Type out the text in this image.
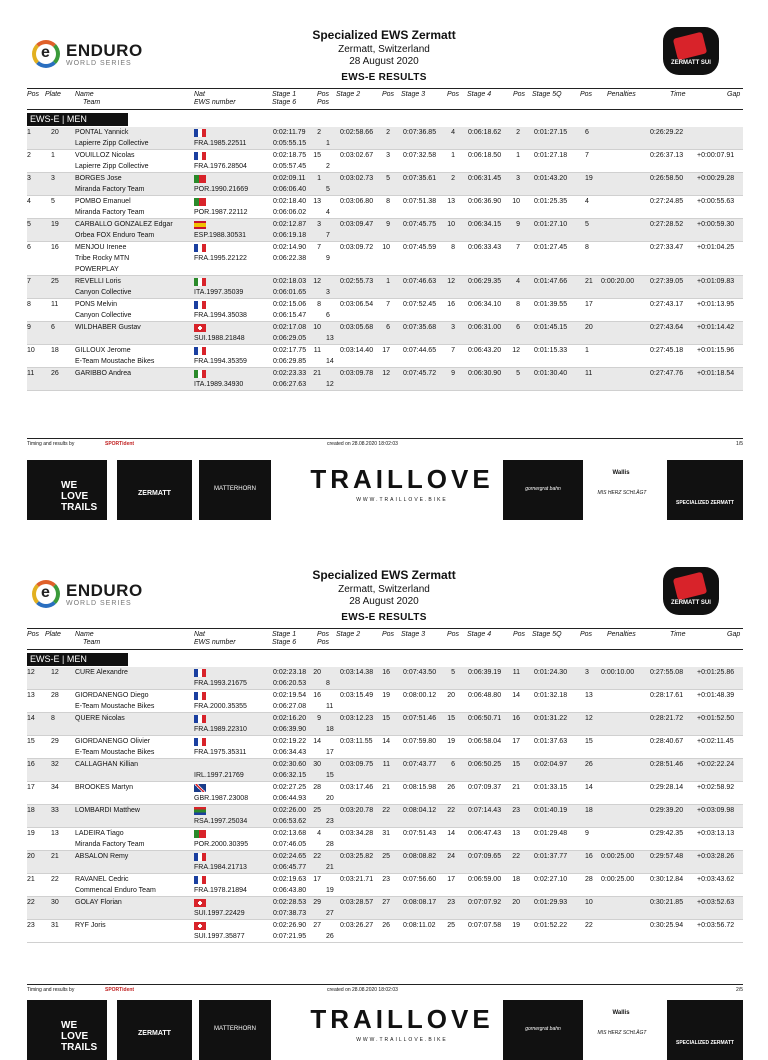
e ENDURO
WORLD SERIES
Specialized EWS Zermatt
Zermatt, Switzerland
28 August 2020
EWS-E RESULTS
ZERMATT SUI
Pos Plate Name
Team
Nat
EWS number
Stage 1
Stage 6
Pos
Pos
Stage 2	Pos Stage 3	Pos Stage 4	Pos Stage 5Q	Pos Penalties	Time	Gap
EWS-E | MEN
1	20 PONTAL Yannick
Lapierre Zipp Collective	FRA.1985.22511
0:02:11.79	2
0:05:55.15	1
0:02:58.66	2 0:07:36.85	4 0:06:18.62	2 0:01:27.15	6	0:26:29.22
2	1	VOUILLOZ Nicolas
Lapierre Zipp Collective	FRA.1976.28504
0:02:18.75	15
0:05:57.45	2
0:03:02.67	3 0:07:32.58	1 0:06:18.50	1 0:01:27.18	7	0:26:37.13 +0:00:07.91
3	3	BORGES Jose
Miranda Factory Team	POR.1990.21669
0:02:09.11	1
0:06:06.40	5
0:03:02.73	5 0:07:35.61	2 0:06:31.45	3 0:01:43.20	19	0:26:58.50 +0:00:29.28
4	5	POMBO Emanuel
Miranda Factory Team	POR.1987.22112
0:02:18.40	13
0:06:06.02	4
0:03:06.80	8 0:07:51.38	13 0:06:36.90	10 0:01:25.35	4	0:27:24.85 +0:00:55.63
5	19 CARBALLO GONZALEZ Edgar
Orbea FOX Enduro Team	ESP.1988.30531
0:02:12.87	3
0:06:19.18	7
0:03:09.47	9 0:07:45.75	10 0:06:34.15	9 0:01:27.10	5	0:27:28.52 +0:00:59.30
6	16 MENJOU Irenee
Tribe Rocky MTN POWERPLAY
FRA.1995.22122
0:02:14.90	7
0:06:22.38	9
0:03:09.72	10 0:07:45.59	8 0:06:33.43	7 0:01:27.45	8	0:27:33.47 +0:01:04.25
7	25 REVELLI Loris
Canyon Collective	ITA.1997.35039
0:02:18.03	12
0:06:01.65	3
0:02:55.73	1 0:07:46.63	12 0:06:29.35	4 0:01:47.66	21 0:00:20.00 0:27:39.05 +0:01:09.83
8	11 PONS Melvin
Canyon Collective	FRA.1994.35038
0:02:15.06	8
0:06:15.47	6
0:03:06.54	7 0:07:52.45	16 0:06:34.10	8 0:01:39.55	17	0:27:43.17 +0:01:13.95
9	6	WILDHABER Gustav
SUI.1988.21848
0:02:17.08	10
0:06:29.05	13
0:03:05.68	6 0:07:35.68	3 0:06:31.00	6 0:01:45.15	20	0:27:43.64 +0:01:14.42
10 18 GILLOUX Jerome
E-Team Moustache Bikes	FRA.1994.35359
0:02:17.75	11
0:06:29.85	14
0:03:14.40	17 0:07:44.65	7 0:06:43.20	12 0:01:15.33	1	0:27:45.18 +0:01:15.96
11 26 GARIBBO Andrea
ITA.1989.34930
0:02:23.33	21
0:06:27.63	12
0:03:09.78	12 0:07:45.72	9 0:06:30.90	5 0:01:30.40	11	0:27:47.76 +0:01:18.54
Timing and results by	SPORTident	created on 28.08.2020 18:02:03	1/5
WE LOVE TRAILS
ZERMATT
MATTERHORN	TRAILLOVE
WWW.TRAILLOVE.BIKE
gornergrat bahn
Wallis
MIS HERZ SCHLÄGT
SPECIALIZED ZERMATT
e ENDURO
WORLD SERIES
Specialized EWS Zermatt
Zermatt, Switzerland
28 August 2020
EWS-E RESULTS
ZERMATT SUI
Pos Plate Name
Team
Nat
EWS number
Stage 1
Stage 6
Pos
Pos
Stage 2	Pos Stage 3	Pos Stage 4	Pos Stage 5Q	Pos Penalties	Time	Gap
EWS-E | MEN
12 12 CURE Alexandre
FRA.1993.21675
0:02:23.18	20
0:06:20.53	8
0:03:14.38	16 0:07:43.50	5 0:06:39.19	11 0:01:24.30	3 0:00:10.00 0:27:55.08 +0:01:25.86
13 28 GIORDANENGO Diego
E-Team Moustache Bikes	FRA.2000.35355
0:02:19.54	16
0:06:27.08	11
0:03:15.49	19 0:08:00.12	20 0:06:48.80	14 0:01:32.18	13	0:28:17.61 +0:01:48.39
14 8	QUERE Nicolas
FRA.1989.22310
0:02:16.20	9
0:06:39.90	18
0:03:12.23	15 0:07:51.46	15 0:06:50.71	16 0:01:31.22	12	0:28:21.72 +0:01:52.50
15 29 GIORDANENGO Olivier
E-Team Moustache Bikes	FRA.1975.35311
0:02:19.22	14
0:06:34.43	17
0:03:11.55	14 0:07:59.80	19 0:06:58.04	17 0:01:37.63	15	0:28:40.67 +0:02:11.45
16 32 CALLAGHAN Killian
IRL.1997.21769
0:02:30.60	30
0:06:32.15	15
0:03:09.75	11 0:07:43.77	6 0:06:50.25	15 0:02:04.97	26	0:28:51.46 +0:02:22.24
17 34 BROOKES Martyn
GBR.1987.23008
0:02:27.25	28
0:06:44.93	20
0:03:17.46	21 0:08:15.98	26 0:07:09.37	21 0:01:33.15	14	0:29:28.14 +0:02:58.92
18 33 LOMBARDI Matthew
RSA.1997.25034
0:02:26.00	25
0:06:53.62	23
0:03:20.78	22 0:08:04.12	22 0:07:14.43	23 0:01:40.19	18	0:29:39.20 +0:03:09.98
19 13 LADEIRA Tiago
Miranda Factory Team	POR.2000.30395
0:02:13.68	4
0:07:46.05	28
0:03:34.28	31 0:07:51.43	14 0:06:47.43	13 0:01:29.48	9	0:29:42.35 +0:03:13.13
20 21 ABSALON Remy
FRA.1984.21713
0:02:24.65	22
0:06:45.77	21
0:03:25.82	25 0:08:08.82	24 0:07:09.65	22 0:01:37.77	16 0:00:25.00 0:29:57.48 +0:03:28.26
21 22 RAVANEL Cedric
Commencal Enduro Team	FRA.1978.21894
0:02:19.63	17
0:06:43.80	19
0:03:21.71	23 0:07:56.60	17 0:06:59.00	18 0:02:27.10	28 0:00:25.00 0:30:12.84 +0:03:43.62
22 30 GOLAY Florian
SUI.1997.22429
0:02:28.53	29
0:07:38.73	27
0:03:28.57	27 0:08:08.17	23 0:07:07.92	20 0:01:29.93	10	0:30:21.85 +0:03:52.63
23 31 RYF Joris
SUI.1997.35877
0:02:26.90	27
0:07:21.95	26
0:03:26.27	26 0:08:11.02	25 0:07:07.58	19 0:01:52.22	22	0:30:25.94 +0:03:56.72
Timing and results by	SPORTident	created on 28.08.2020 18:02:03	2/5
WE LOVE TRAILS
ZERMATT
MATTERHORN	TRAILLOVE
WWW.TRAILLOVE.BIKE
gornergrat bahn
Wallis
MIS HERZ SCHLÄGT
SPECIALIZED ZERMATT
